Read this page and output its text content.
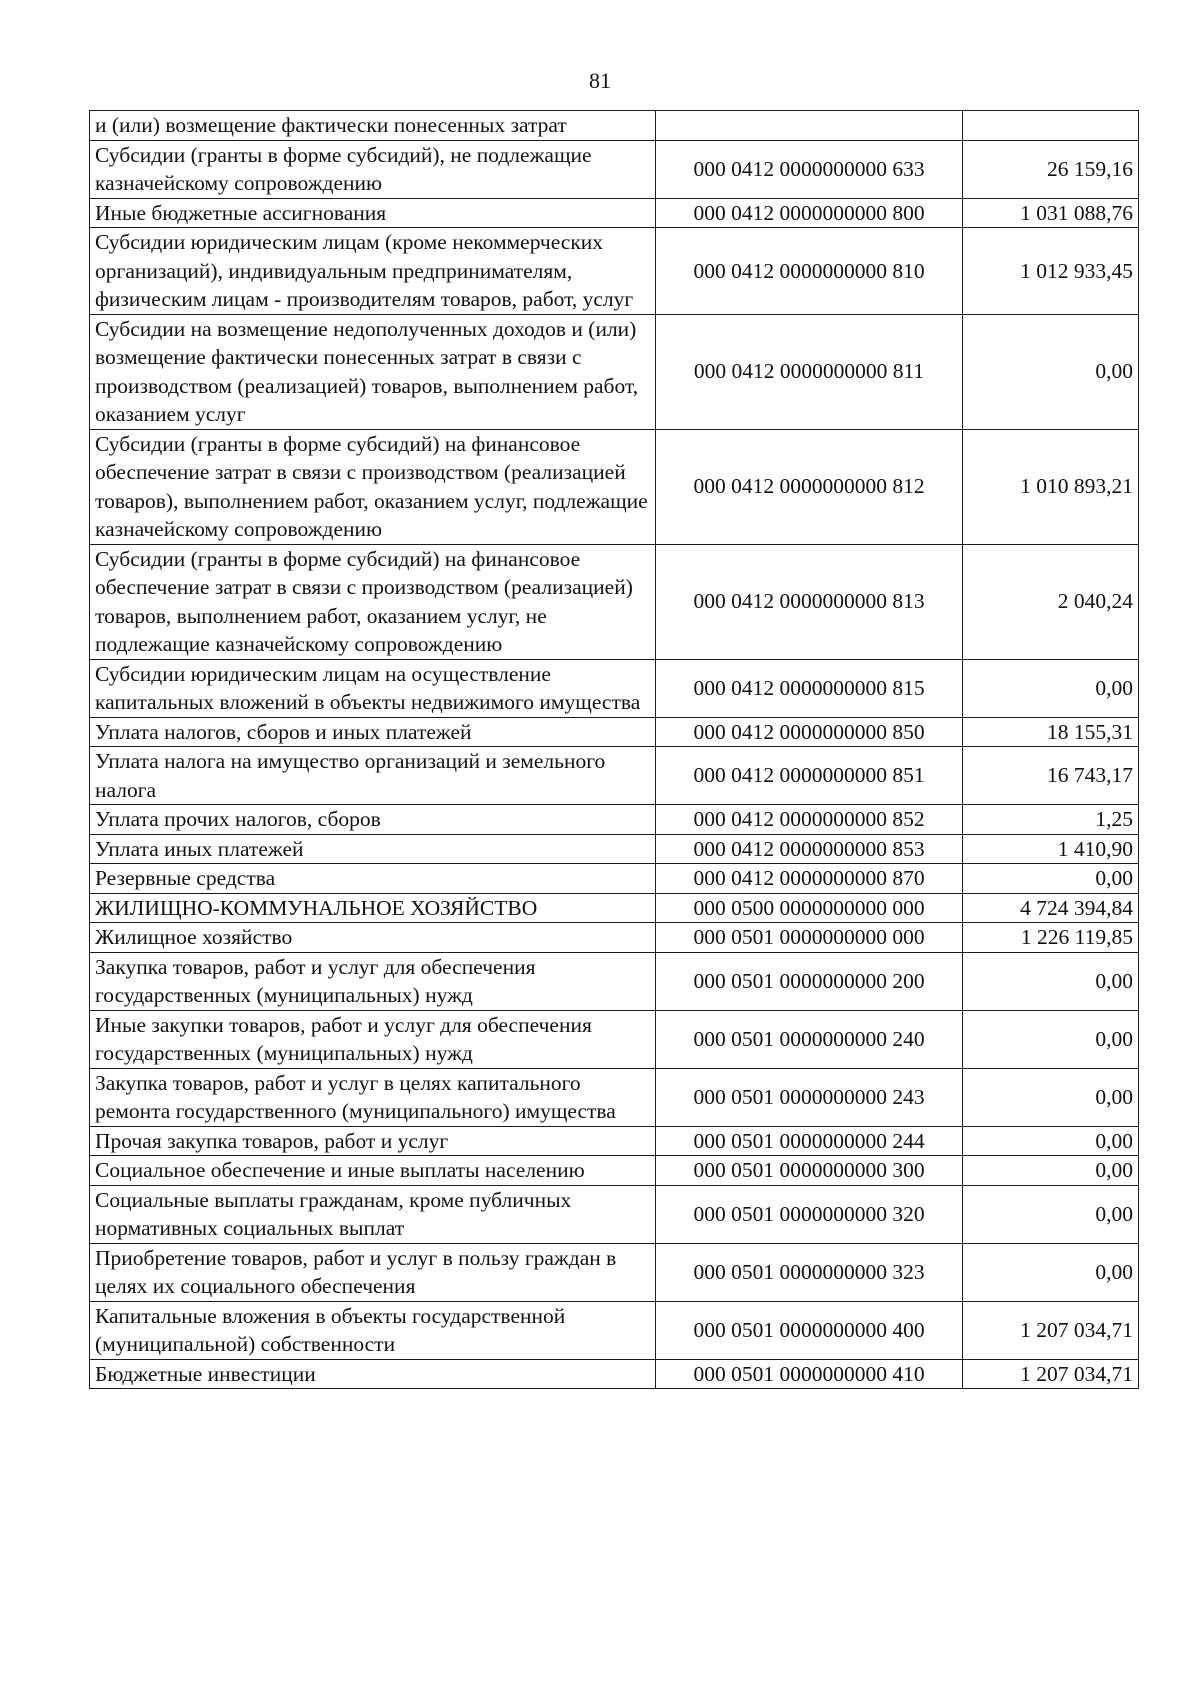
81
и (или) возмещение фактически понесенных затрат		
Субсидии (гранты в форме субсидий), не подлежащие казначейскому сопровождению	000 0412 0000000000 633	26 159,16
Иные бюджетные ассигнования	000 0412 0000000000 800	1 031 088,76
Субсидии юридическим лицам (кроме некоммерческих организаций), индивидуальным предпринимателям, физическим лицам - производителям товаров, работ, услуг	000 0412 0000000000 810	1 012 933,45
Субсидии на возмещение недополученных доходов и (или) возмещение фактически понесенных затрат в связи с производством (реализацией) товаров, выполнением работ, оказанием услуг	000 0412 0000000000 811	0,00
Субсидии (гранты в форме субсидий) на финансовое обеспечение затрат в связи с производством (реализацией товаров), выполнением работ, оказанием услуг, подлежащие казначейскому сопровождению	000 0412 0000000000 812	1 010 893,21
Субсидии (гранты в форме субсидий) на финансовое обеспечение затрат в связи с производством (реализацией) товаров, выполнением работ, оказанием услуг, не подлежащие казначейскому сопровождению	000 0412 0000000000 813	2 040,24
Субсидии юридическим лицам на осуществление капитальных вложений в объекты недвижимого имущества	000 0412 0000000000 815	0,00
Уплата налогов, сборов и иных платежей	000 0412 0000000000 850	18 155,31
Уплата налога на имущество организаций и земельного налога	000 0412 0000000000 851	16 743,17
Уплата прочих налогов, сборов	000 0412 0000000000 852	1,25
Уплата иных платежей	000 0412 0000000000 853	1 410,90
Резервные средства	000 0412 0000000000 870	0,00
ЖИЛИЩНО-КОММУНАЛЬНОЕ ХОЗЯЙСТВО	000 0500 0000000000 000	4 724 394,84
Жилищное хозяйство	000 0501 0000000000 000	1 226 119,85
Закупка товаров, работ и услуг для обеспечения государственных (муниципальных) нужд	000 0501 0000000000 200	0,00
Иные закупки товаров, работ и услуг для обеспечения государственных (муниципальных) нужд	000 0501 0000000000 240	0,00
Закупка товаров, работ и услуг в целях капитального ремонта государственного (муниципального) имущества	000 0501 0000000000 243	0,00
Прочая закупка товаров, работ и услуг	000 0501 0000000000 244	0,00
Социальное обеспечение и иные выплаты населению	000 0501 0000000000 300	0,00
Социальные выплаты гражданам, кроме публичных нормативных социальных выплат	000 0501 0000000000 320	0,00
Приобретение товаров, работ и услуг в пользу граждан в целях их социального обеспечения	000 0501 0000000000 323	0,00
Капитальные вложения в объекты государственной (муниципальной) собственности	000 0501 0000000000 400	1 207 034,71
Бюджетные инвестиции	000 0501 0000000000 410	1 207 034,71
